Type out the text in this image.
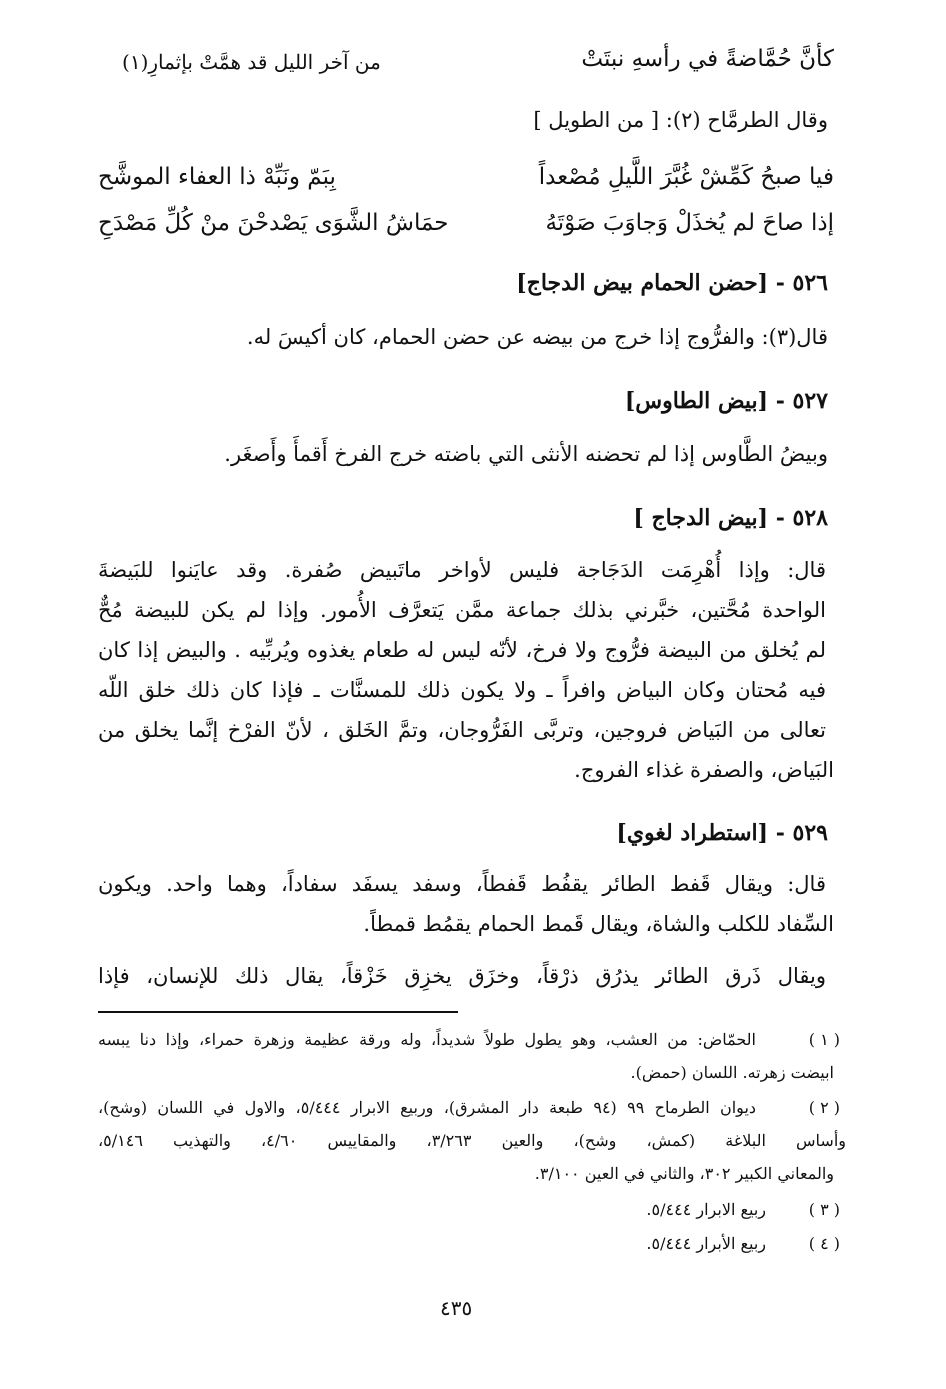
كأنَّ حُمَّاضةً في رأسهِ نبتَتْ
من آخر الليل قد همَّتْ بإثمارِ(١)
وقال الطرمَّاح (٢): [ من الطويل ]
فيا صبحُ كَمِّشْ غُبَّرَ اللَّيلِ مُصْعداً
بِبَمّ ونَبِّهْ ذا العفاء الموشَّح
إذا صاحَ لم يُخذَلْ وَجاوَبَ صَوْتَهُ
حمَاشُ الشَّوَى يَصْدحْنَ منْ كُلِّ مَصْدَحِ
٥٢٦ - [حضن الحمام بيض الدجاج]
قال(٣): والفرُّوج إذا خرج من بيضه عن حضن الحمام، كان أكيسَ له.
٥٢٧ - [بيض الطاوس]
وبيضُ الطَّاوس إذا لم تحضنه الأنثى التي باضته خرج الفرخ أَقمأَ وأَصغَر.
٥٢٨ - [بيض الدجاج ]
قال: وإذا أُهْرِمَت الدَجَاجة فليس لأواخر ماتَبيض صُفرة. وقد عايَنوا للبَيضةَ
الواحدة مُحَّتين، خبَّرني بذلك جماعة ممَّن يَتعرَّف الأُمور. وإذا لم يكن للبيضة مُحٌّ
لم يُخلق من البيضة فرُّوج ولا فرخ، لأنّه ليس له طعام يغذوه ويُربِّيه . والبيض إذا كان
فيه مُحتان وكان البياض وافراً ـ ولا يكون ذلك للمسنَّات ـ فإذا كان ذلك خلق اللّه
تعالى من البَياض فروجين، وتربَّى الفَرُّوجان، وتمَّ الخَلق ، لأنّ الفرْخ إنَّما يخلق من
البَياض، والصفرة غذاء الفروج.
٥٢٩ - [استطراد لغوي]
قال: ويقال قَفط الطائر يقفُط قَفطاً، وسفد يسفَد سفاداً، وهما واحد. ويكون
السِّفاد للكلب والشاة، ويقال قَمط الحمام يقمُط قمطاً.
ويقال ذَرق الطائر يذرُق ذرْقاً، وخزَق يخزِق خَزْقاً، يقال ذلك للإنسان، فإذا
( ١ )
الحمّاض: من العشب، وهو يطول طولاً شديداً، وله ورقة عظيمة وزهرة حمراء، وإذا دنا يبسه
ابيضت زهرته. اللسان (حمض).
( ٢ )
ديوان الطرماح ٩٩ (٩٤ طبعة دار المشرق)، وربيع الابرار ٥/٤٤٤، والاول في اللسان (وشح)،
وأساس البلاغة (كمش، وشح)، والعين ٣/٢٦٣، والمقاييس ٤/٦٠، والتهذيب ٥/١٤٦،
والمعاني الكبير ٣٠٢، والثاني في العين ٣/١٠٠.
( ٣ )
ربيع الابرار ٥/٤٤٤.
( ٤ )
ربيع الأبرار ٥/٤٤٤.
٤٣٥
